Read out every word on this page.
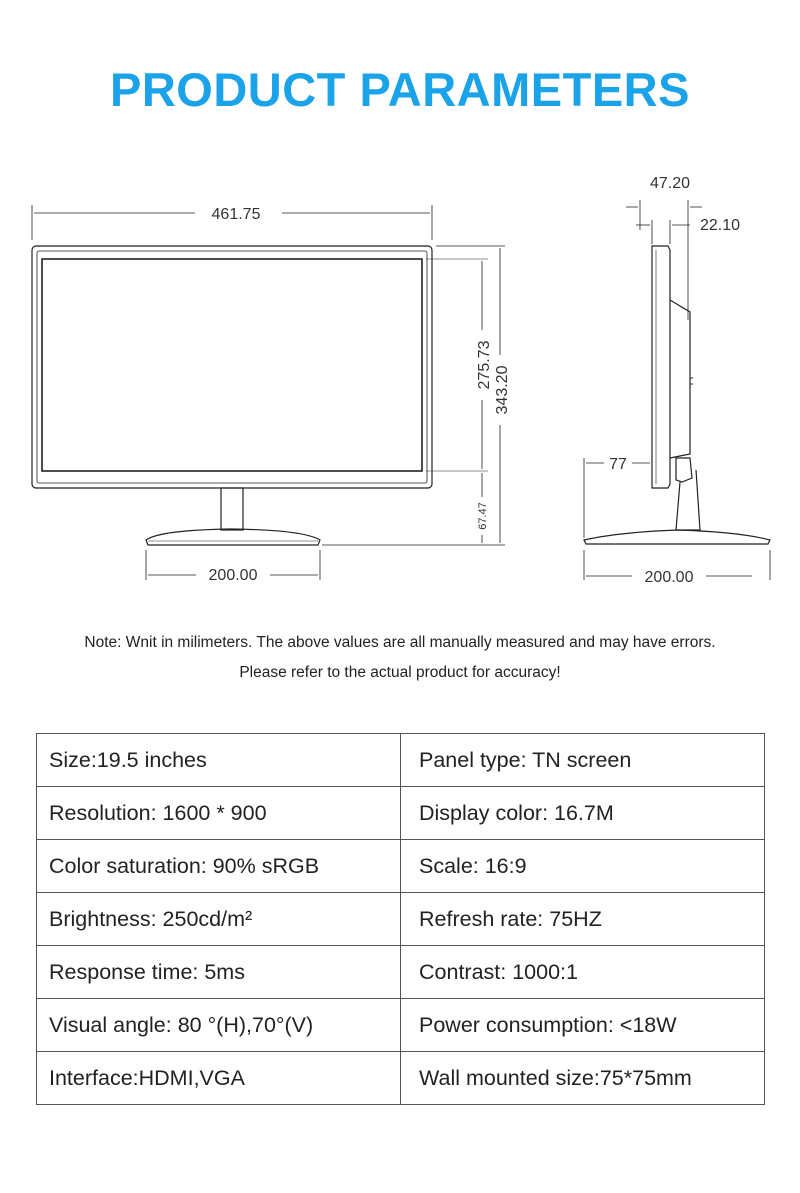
PRODUCT PARAMETERS
461.75
275.73
343.20
67.47
200.00
47.20
22.10
77
200.00
Note: Wnit in milimeters. The above values are all manually measured and may have errors.
Please refer to the actual product for accuracy!
Size:19.5 inches	Panel type: TN screen
Resolution: 1600 * 900	Display color: 16.7M
Color saturation: 90% sRGB	Scale: 16:9
Brightness: 250cd/m²	Refresh rate: 75HZ
Response time: 5ms	Contrast: 1000:1
Visual angle: 80 °(H),70°(V)	Power consumption: <18W
Interface:HDMI,VGA	Wall mounted size:75*75mm
